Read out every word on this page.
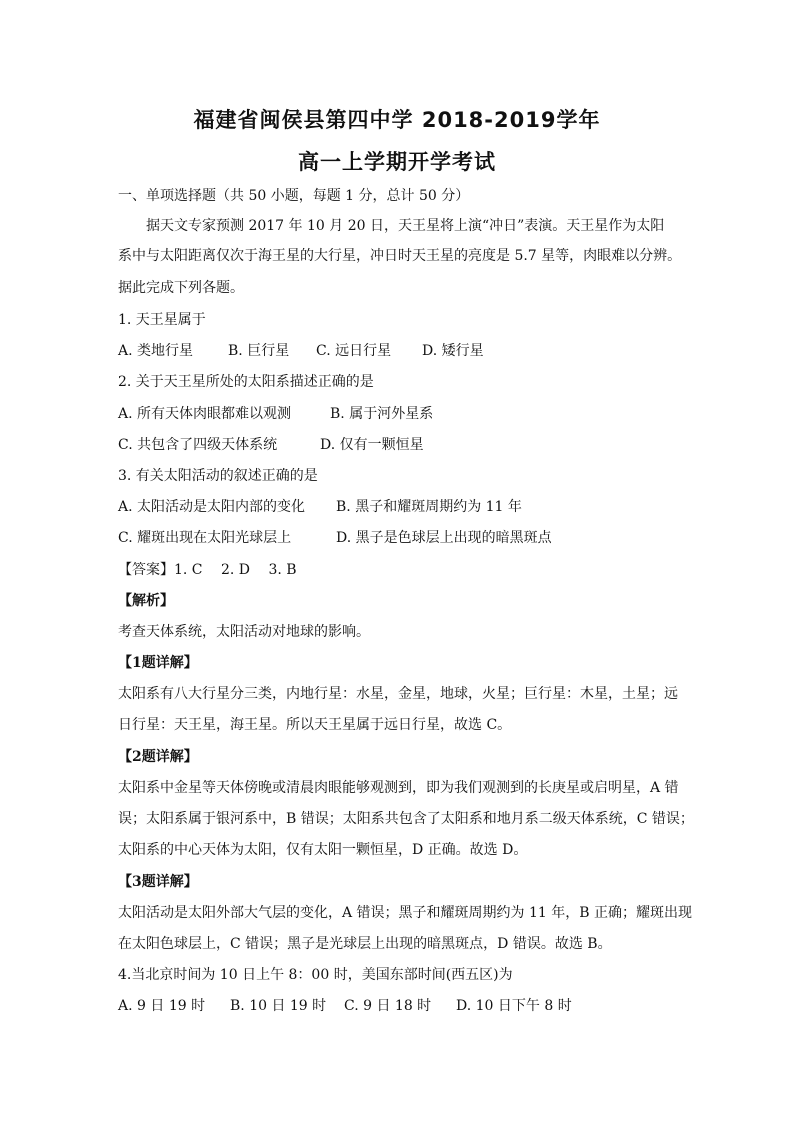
福建省闽侯县第四中学 2018-2019学年
高一上学期开学考试
一、单项选择题（共 50 小题，每题 1 分，总计 50 分）
　　据天文专家预测 2017 年 10 月 20 日，天王星将上演“冲日”表演。天王星作为太阳
系中与太阳距离仅次于海王星的大行星，冲日时天王星的亮度是 5.7 星等，肉眼难以分辨。
据此完成下列各题。
1. 天王星属于
A. 类地行星 B. 巨行星 C. 远日行星 D. 矮行星
2. 关于天王星所处的太阳系描述正确的是
A. 所有天体肉眼都难以观测	B. 属于河外星系
C. 共包含了四级天体系统	D. 仅有一颗恒星
3. 有关太阳活动的叙述正确的是
A. 太阳活动是太阳内部的变化 B. 黑子和耀斑周期约为 11 年
C. 耀斑出现在太阳光球层上	D. 黑子是色球层上出现的暗黑斑点
【答案】1. C　 2. D　 3. B
【解析】
考查天体系统，太阳活动对地球的影响。
【1题详解】
太阳系有八大行星分三类，内地行星：水星，金星，地球，火星；巨行星：木星，土星；远
日行星：天王星，海王星。所以天王星属于远日行星，故选 C。
【2题详解】
太阳系中金星等天体傍晚或清晨肉眼能够观测到，即为我们观测到的长庚星或启明星，A 错
误；太阳系属于银河系中，B 错误；太阳系共包含了太阳系和地月系二级天体系统，C 错误；
太阳系的中心天体为太阳，仅有太阳一颗恒星，D 正确。故选 D。
【3题详解】
太阳活动是太阳外部大气层的变化，A 错误；黑子和耀斑周期约为 11 年，B 正确；耀斑出现
在太阳色球层上，C 错误；黑子是光球层上出现的暗黑斑点，D 错误。故选 B。
4.当北京时间为 10 日上午 8：00 时，美国东部时间(西五区)为
A. 9 日 19 时 B. 10 日 19 时 C. 9 日 18 时 D. 10 日下午 8 时
